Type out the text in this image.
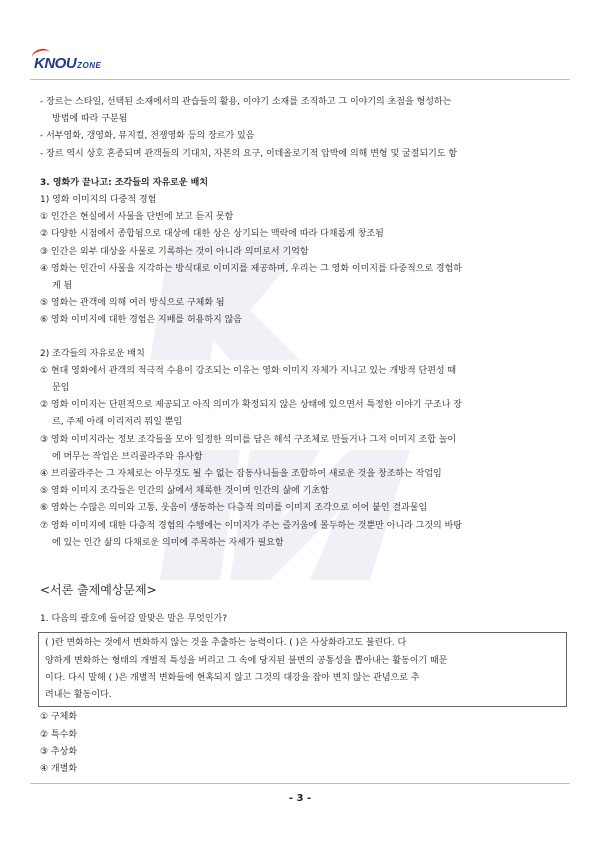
KNOUZONE
- 장르는 스타일, 선택된 소재에서의 관습들의 활용, 이야기 소재를 조직하고 그 이야기의 초점을 형성하는
방법에 따라 구분됨
- 서부영화, 갱영화, 뮤지컬, 전쟁영화 등의 장르가 있음
- 장르 역시 상호 혼종되며 관객들의 기대치, 자본의 요구, 이데올로기적 압박에 의해 변형 및 굴절되기도 함
3. 영화가 끝나고: 조각들의 자유로운 배치
1) 영화 이미지의 다중적 경험
① 인간은 현실에서 사물을 단번에 보고 듣지 못함
② 다양한 시점에서 종합됨으로 대상에 대한 상은 상기되는 맥락에 따라 다채롭게 창조됨
③ 인간은 외부 대상을 사물로 기록하는 것이 아니라 의미로서 기억함
④ 영화는 인간이 사물을 지각하는 방식대로 이미지를 제공하며, 우리는 그 영화 이미지를 다중적으로 경험하
게 됨
⑤ 영화는 관객에 의해 여러 방식으로 구체화 됨
⑥ 영화 이미지에 대한 경험은 지배를 허용하지 않음
2) 조각들의 자유로운 배치
① 현대 영화에서 관객의 적극적 수용이 강조되는 이유는 영화 이미지 자체가 지니고 있는 개방적 단편성 때
문임
② 영화 이미지는 단편적으로 제공되고 아직 의미가 확정되지 않은 상태에 있으면서 특정한 이야기 구조나 장
르, 주제 아래 이리저리 뭐일 뿐임
③ 영화 이미지라는 정보 조각들을 모아 일정한 의미를 담은 해석 구조체로 만들거나 그저 이미지 조합 놀이
에 머무는 작업은 브리콜라주와 유사함
④ 브리콜라주는 그 자체로는 아무것도 될 수 없는 잡동사니들을 조합하여 새로운 것을 창조하는 작업임
⑤ 영화 이미지 조각들은 인간의 삶에서 채록한 것이며 인간의 삶에 기초함
⑥ 영화는 수많은 의미와 고통, 웃음이 생동하는 다층적 의미를 이미지 조각으로 이어 붙인 결과물임
⑦ 영화 이미지에 대한 다층적 경험의 수행에는 이미지가 주는 즐거움에 몰두하는 것뿐만 아니라 그것의 바탕
에 있는 인간 삶의 다채로운 의미에 주목하는 자세가 필요함
<서론 출제예상문제>
1. 다음의 괄호에 들어갈 알맞은 말은 무엇인가?
( )란 변화하는 것에서 변화하지 않는 것을 추출하는 능력이다. ( )은 사상화라고도 불린다. 다
양하게 변화하는 형태의 개별적 특성을 버리고 그 속에 당지된 불변의 공통성을 뽑아내는 활동이기 때문
이다. 다시 말해 ( )은 개별적 변화들에 현혹되지 않고 그것의 대강을 잡아 변치 않는 관념으로 추
려내는 활동이다.
① 구체화
② 특수화
③ 추상화
④ 개별화
- 3 -
